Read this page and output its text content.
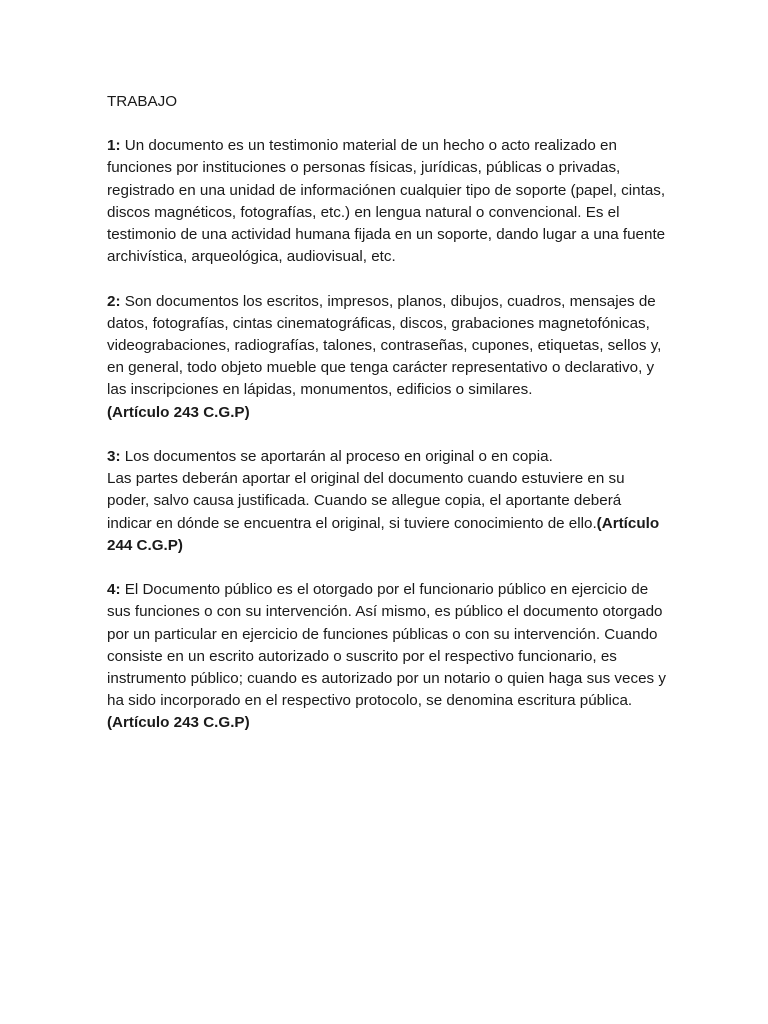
TRABAJO
1: Un documento es un testimonio material de un hecho o acto realizado en funciones por instituciones o personas físicas, jurídicas, públicas o privadas, registrado en una unidad de informaciónen cualquier tipo de soporte (papel, cintas, discos magnéticos, fotografías, etc.) en lengua natural o convencional. Es el testimonio de una actividad humana fijada en un soporte, dando lugar a una fuente archivística, arqueológica, audiovisual, etc.
2: Son documentos los escritos, impresos, planos, dibujos, cuadros, mensajes de datos, fotografías, cintas cinematográficas, discos, grabaciones magnetofónicas, videograbaciones, radiografías, talones, contraseñas, cupones, etiquetas, sellos y, en general, todo objeto mueble que tenga carácter representativo o declarativo, y las inscripciones en lápidas, monumentos, edificios o similares.
(Artículo 243 C.G.P)
3: Los documentos se aportarán al proceso en original o en copia.
Las partes deberán aportar el original del documento cuando estuviere en su poder, salvo causa justificada. Cuando se allegue copia, el aportante deberá indicar en dónde se encuentra el original, si tuviere conocimiento de ello.(Artículo 244 C.G.P)
4: El Documento público es el otorgado por el funcionario público en ejercicio de sus funciones o con su intervención. Así mismo, es público el documento otorgado por un particular en ejercicio de funciones públicas o con su intervención. Cuando consiste en un escrito autorizado o suscrito por el respectivo funcionario, es instrumento público; cuando es autorizado por un notario o quien haga sus veces y ha sido incorporado en el respectivo protocolo, se denomina escritura pública.
(Artículo 243 C.G.P)
